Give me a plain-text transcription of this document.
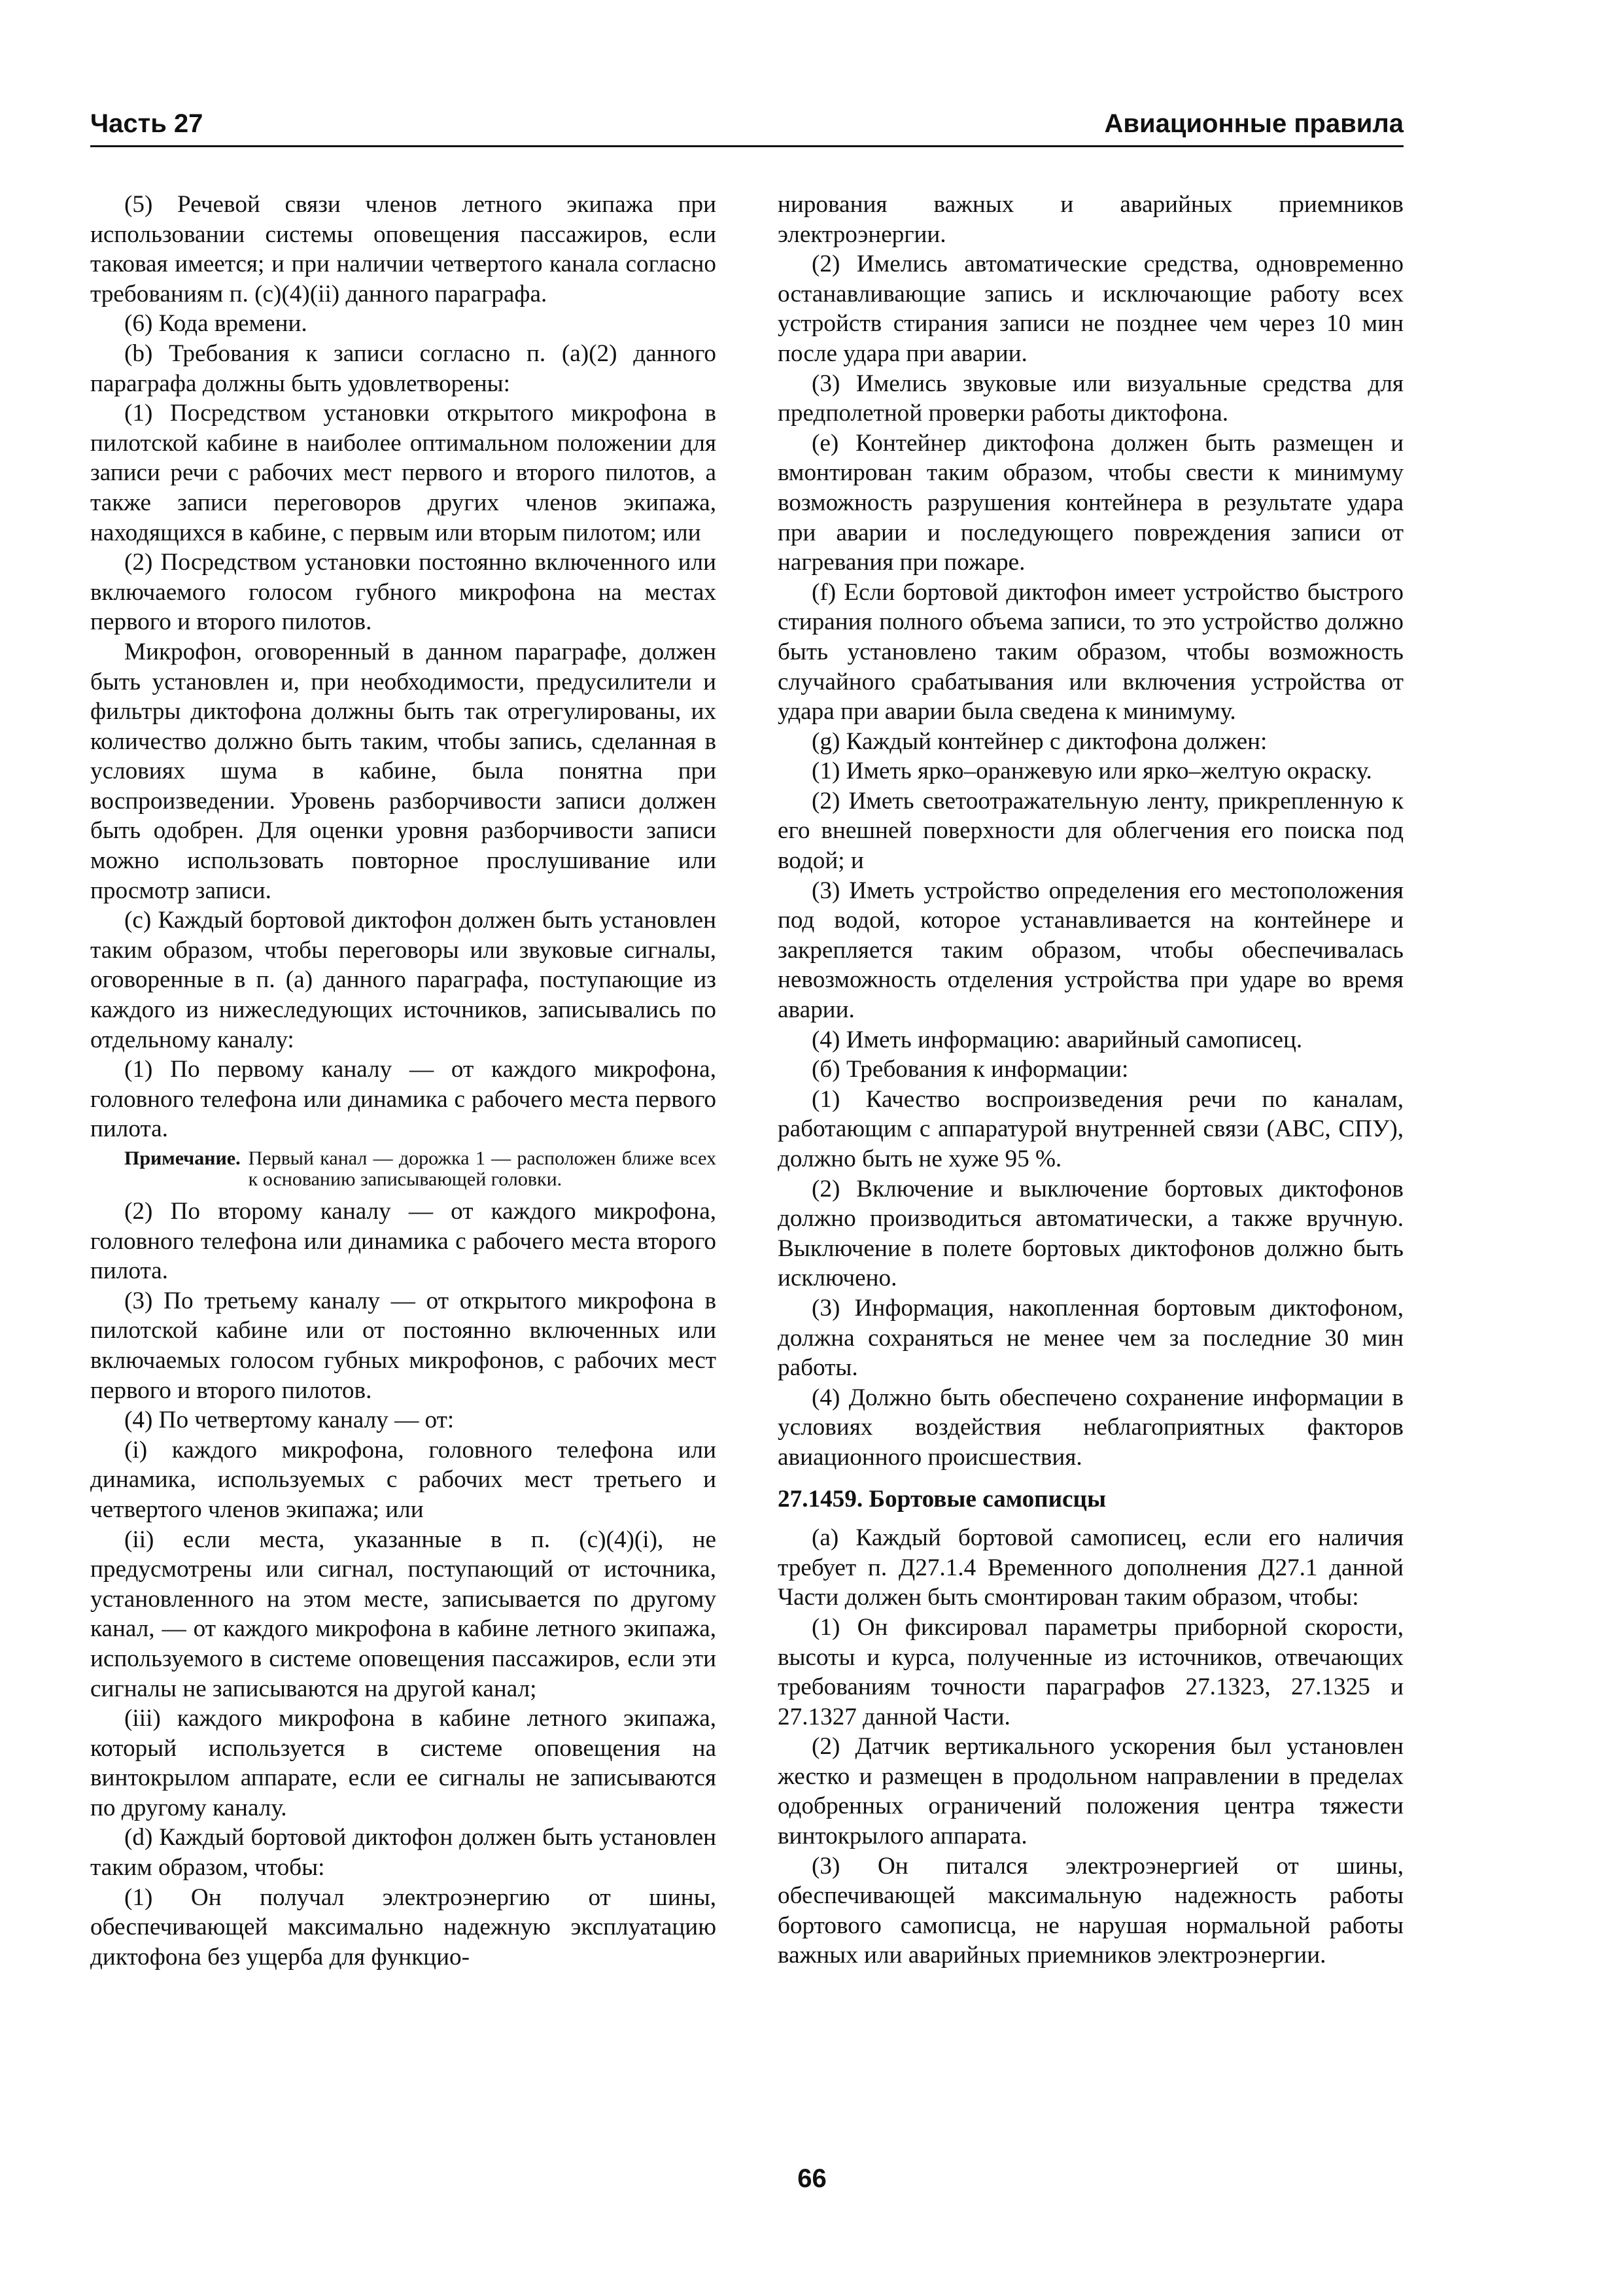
Часть 27	Авиационные правила

(5) Речевой связи членов летного экипажа при использовании системы оповещения пассажиров, если таковая имеется; и при наличии четвертого канала согласно требованиям п. (c)(4)(ii) данного параграфа.

(6) Кода времени.

(b) Требования к записи согласно п. (a)(2) данного параграфа должны быть удовлетворены:

(1) Посредством установки открытого микрофона в пилотской кабине в наиболее оптимальном положении для записи речи с рабочих мест первого и второго пилотов, а также записи переговоров других членов экипажа, находящихся в кабине, с первым или вторым пилотом; или

(2) Посредством установки постоянно включенного или включаемого голосом губного микрофона на местах первого и второго пилотов.

Микрофон, оговоренный в данном параграфе, должен быть установлен и, при необходимости, предусилители и фильтры диктофона должны быть так отрегулированы, их количество должно быть таким, чтобы запись, сделанная в условиях шума в кабине, была понятна при воспроизведении. Уровень разборчивости записи должен быть одобрен. Для оценки уровня разборчивости записи можно использовать повторное прослушивание или просмотр записи.

(c) Каждый бортовой диктофон должен быть установлен таким образом, чтобы переговоры или звуковые сигналы, оговоренные в п. (a) данного параграфа, поступающие из каждого из нижеследующих источников, записывались по отдельному каналу:

(1) По первому каналу — от каждого микрофона, головного телефона или динамика с рабочего места первого пилота.

Примечание. Первый канал — дорожка 1 — расположен ближе всех к основанию записывающей головки.

(2) По второму каналу — от каждого микрофона, головного телефона или динамика с рабочего места второго пилота.

(3) По третьему каналу — от открытого микрофона в пилотской кабине или от постоянно включенных или включаемых голосом губных микрофонов, с рабочих мест первого и второго пилотов.

(4) По четвертому каналу — от:

(i) каждого микрофона, головного телефона или динамика, используемых с рабочих мест третьего и четвертого членов экипажа; или

(ii) если места, указанные в п. (c)(4)(i), не предусмотрены или сигнал, поступающий от источника, установленного на этом месте, записывается по другому канал, — от каждого микрофона в кабине летного экипажа, используемого в системе оповещения пассажиров, если эти сигналы не записываются на другой канал;

(iii) каждого микрофона в кабине летного экипажа, который используется в системе оповещения на винтокрылом аппарате, если ее сигналы не записываются по другому каналу.

(d) Каждый бортовой диктофон должен быть установлен таким образом, чтобы:

(1) Он получал электроэнергию от шины, обеспечивающей максимально надежную эксплуатацию диктофона без ущерба для функцио-

нирования важных и аварийных приемников электроэнергии.

(2) Имелись автоматические средства, одновременно останавливающие запись и исключающие работу всех устройств стирания записи не позднее чем через 10 мин после удара при аварии.

(3) Имелись звуковые или визуальные средства для предполетной проверки работы диктофона.

(e) Контейнер диктофона должен быть размещен и вмонтирован таким образом, чтобы свести к минимуму возможность разрушения контейнера в результате удара при аварии и последующего повреждения записи от нагревания при пожаре.

(f) Если бортовой диктофон имеет устройство быстрого стирания полного объема записи, то это устройство должно быть установлено таким образом, чтобы возможность случайного срабатывания или включения устройства от удара при аварии была сведена к минимуму.

(g) Каждый контейнер с диктофона должен:

(1) Иметь ярко–оранжевую или ярко–желтую окраску.

(2) Иметь светоотражательную ленту, прикрепленную к его внешней поверхности для облегчения его поиска под водой; и

(3) Иметь устройство определения его местоположения под водой, которое устанавливается на контейнере и закрепляется таким образом, чтобы обеспечивалась невозможность отделения устройства при ударе во время аварии.

(4) Иметь информацию: аварийный самописец.

(б) Требования к информации:

(1) Качество воспроизведения речи по каналам, работающим с аппаратурой внутренней связи (АВС, СПУ), должно быть не хуже 95 %.

(2) Включение и выключение бортовых диктофонов должно производиться автоматически, а также вручную. Выключение в полете бортовых диктофонов должно быть исключено.

(3) Информация, накопленная бортовым диктофоном, должна сохраняться не менее чем за последние 30 мин работы.

(4) Должно быть обеспечено сохранение информации в условиях воздействия неблагоприятных факторов авиационного происшествия.

27.1459. Бортовые самописцы

(a) Каждый бортовой самописец, если его наличия требует п. Д27.1.4 Временного дополнения Д27.1 данной Части должен быть смонтирован таким образом, чтобы:

(1) Он фиксировал параметры приборной скорости, высоты и курса, полученные из источников, отвечающих требованиям точности параграфов 27.1323, 27.1325 и 27.1327 данной Части.

(2) Датчик вертикального ускорения был установлен жестко и размещен в продольном направлении в пределах одобренных ограничений положения центра тяжести винтокрылого аппарата.

(3) Он питался электроэнергией от шины, обеспечивающей максимальную надежность работы бортового самописца, не нарушая нормальной работы важных или аварийных приемников электроэнергии.

66
